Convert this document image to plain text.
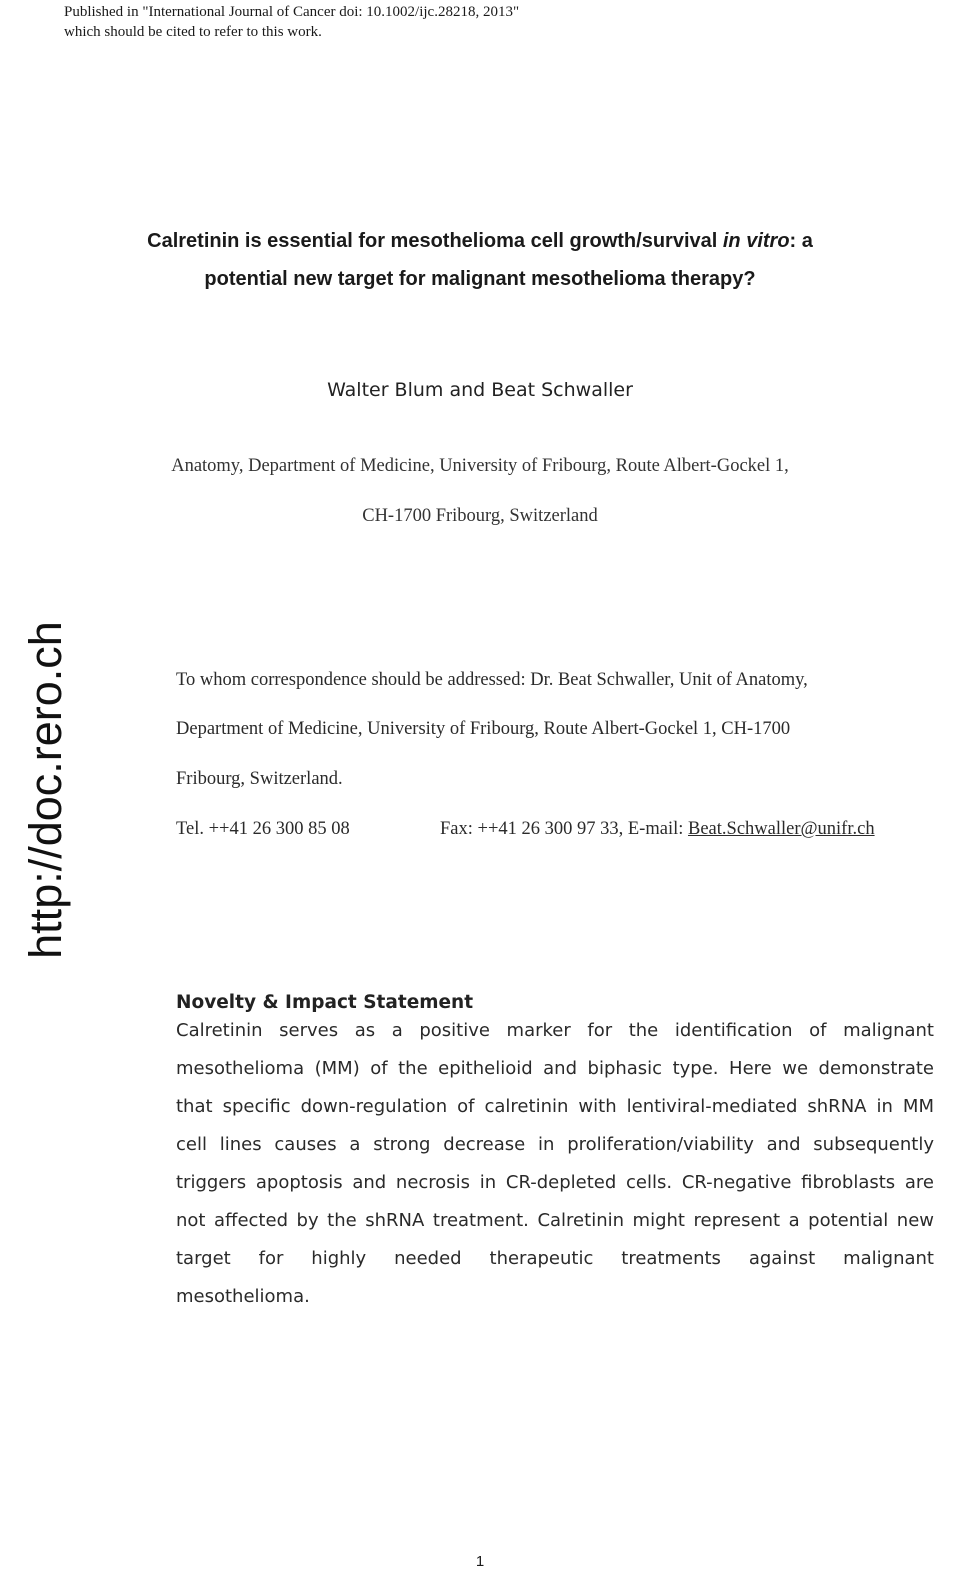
Published in "International Journal of Cancer doi: 10.1002/ijc.28218, 2013"
which should be cited to refer to this work.
Calretinin is essential for mesothelioma cell growth/survival in vitro: a
potential new target for malignant mesothelioma therapy?
Walter Blum and Beat Schwaller
Anatomy, Department of Medicine, University of Fribourg, Route Albert-Gockel 1,
CH-1700 Fribourg, Switzerland
http://doc.rero.ch	To whom correspondence should be addressed: Dr. Beat Schwaller, Unit of Anatomy,
Department of Medicine, University of Fribourg, Route Albert-Gockel 1, CH-1700
Fribourg, Switzerland.
Tel. ++41 26 300 85 08	Fax: ++41 26 300 97 33, E-mail: Beat.Schwaller@unifr.ch
Novelty & Impact Statement
Calretinin serves as a positive marker for the identification of malignant
mesothelioma (MM) of the epithelioid and biphasic type. Here we demonstrate
that specific down-regulation of calretinin with lentiviral-mediated shRNA in MM
cell lines causes a strong decrease in proliferation/viability and subsequently
triggers apoptosis and necrosis in CR-depleted cells. CR-negative fibroblasts are
not affected by the shRNA treatment. Calretinin might represent a potential new
target for highly needed therapeutic treatments against malignant
mesothelioma.
1
